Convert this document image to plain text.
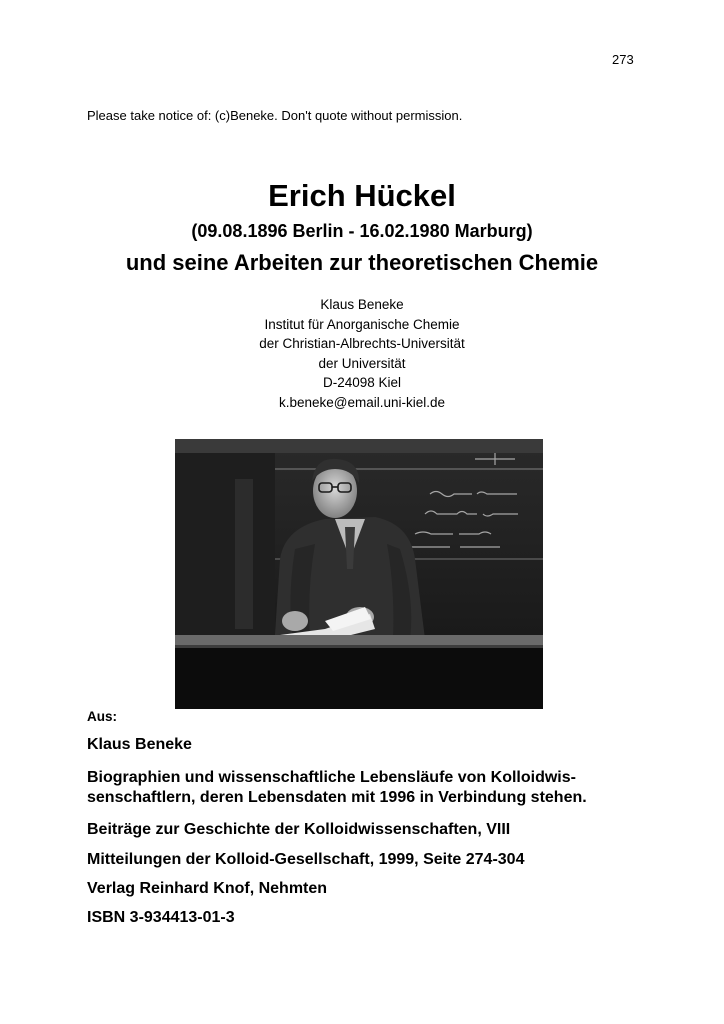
273
Please take notice of: (c)Beneke. Don't quote without permission.
Erich Hückel
(09.08.1896 Berlin - 16.02.1980 Marburg)
und seine Arbeiten zur theoretischen Chemie
Klaus Beneke
Institut für Anorganische Chemie
der Christian-Albrechts-Universität
der Universität
D-24098 Kiel
k.beneke@email.uni-kiel.de
Aus:
Klaus Beneke
Biographien und wissenschaftliche Lebensläufe von Kolloidwis-
senschaftlern, deren Lebensdaten mit 1996 in Verbindung stehen.
Beiträge zur Geschichte der Kolloidwissenschaften, VIII
Mitteilungen der Kolloid-Gesellschaft, 1999, Seite 274-304
Verlag Reinhard Knof, Nehmten
ISBN 3-934413-01-3
